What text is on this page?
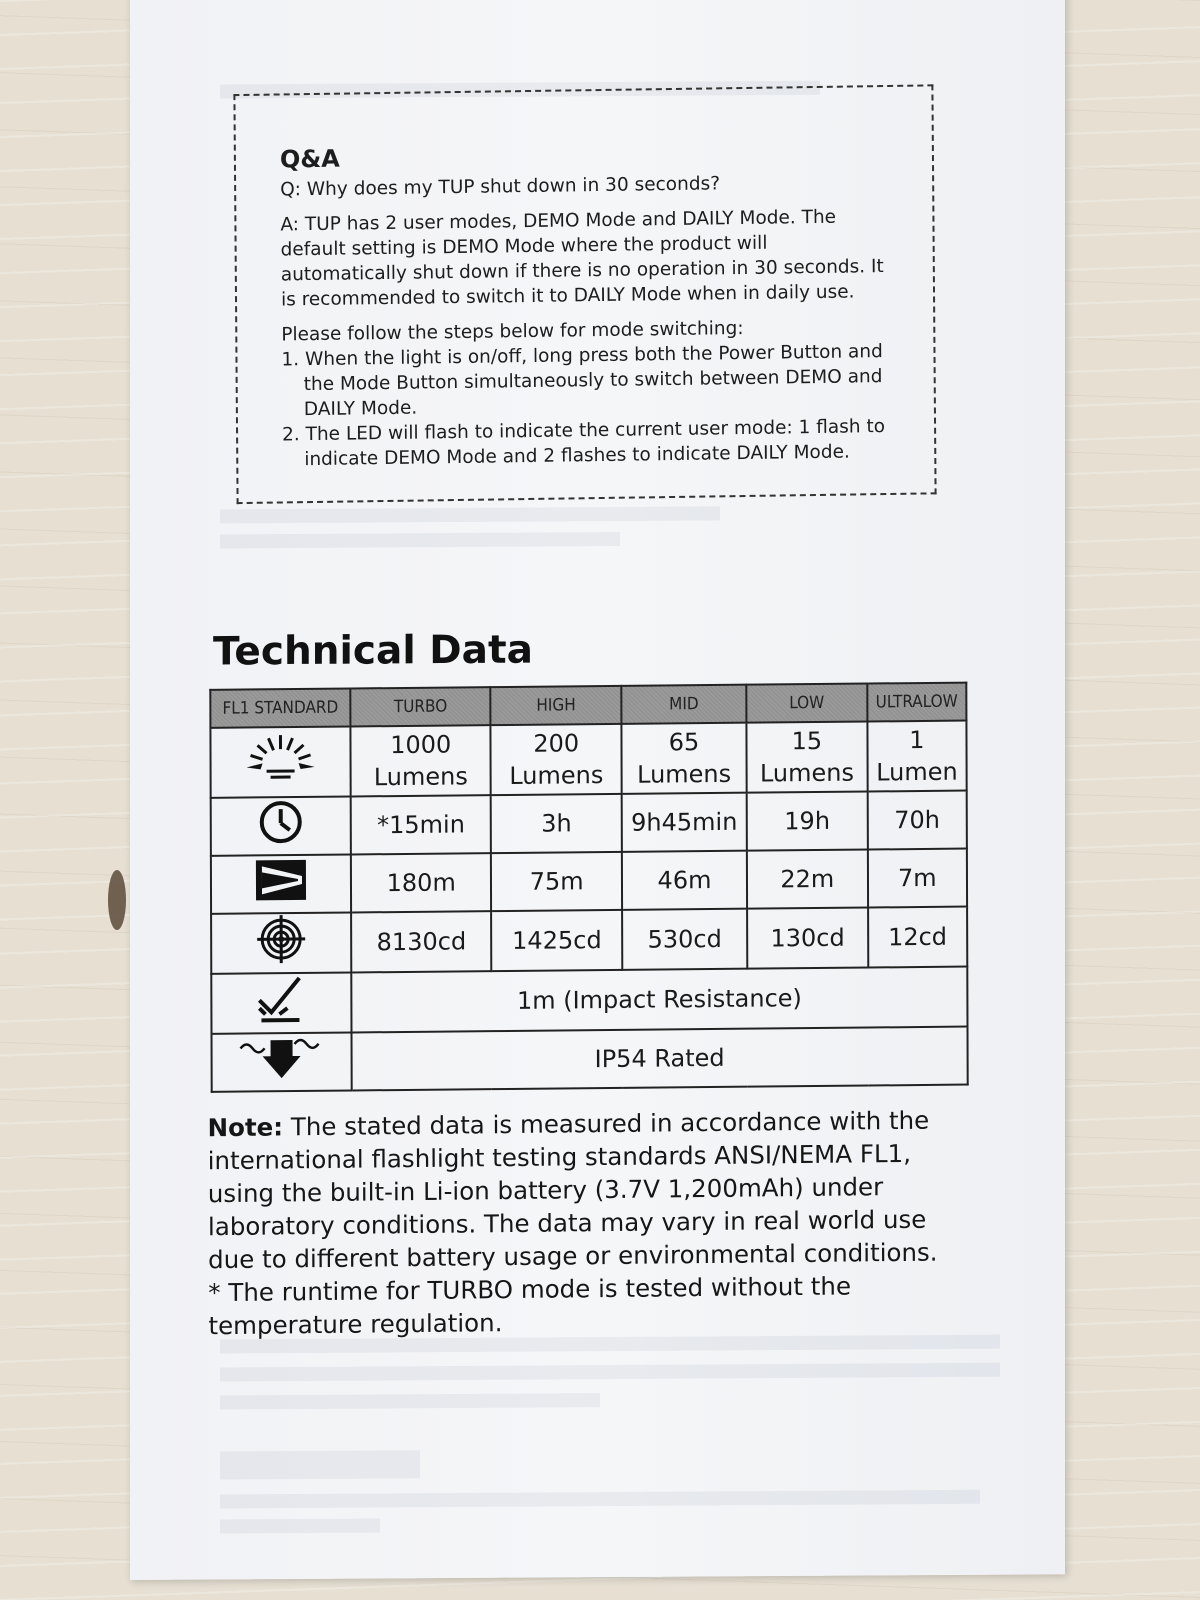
Q&A

Q: Why does my TUP shut down in 30 seconds?

A: TUP has 2 user modes, DEMO Mode and DAILY Mode. The default setting is DEMO Mode where the product will automatically shut down if there is no operation in 30 seconds. It is recommended to switch it to DAILY Mode when in daily use.

Please follow the steps below for mode switching:

1. When the light is on/off, long press both the Power Button and the Mode Button simultaneously to switch between DEMO and DAILY Mode.
2. The LED will flash to indicate the current user mode: 1 flash to indicate DEMO Mode and 2 flashes to indicate DAILY Mode.
Technical Data
FL1 STANDARD	TURBO	HIGH	MID	LOW	ULTRALOW
	1000 Lumens	200 Lumens	65 Lumens	15 Lumens	1 Lumen
	*15min	3h	9h45min	19h	70h
	180m	75m	46m	22m	7m
	8130cd	1425cd	530cd	130cd	12cd
	1m (Impact Resistance)				
	IP54 Rated				

Note: The stated data is measured in accordance with the international flashlight testing standards ANSI/NEMA FL1, using the built-in Li-ion battery (3.7V 1,200mAh) under laboratory conditions. The data may vary in real world use due to different battery usage or environmental conditions.

* The runtime for TURBO mode is tested without the temperature regulation.
